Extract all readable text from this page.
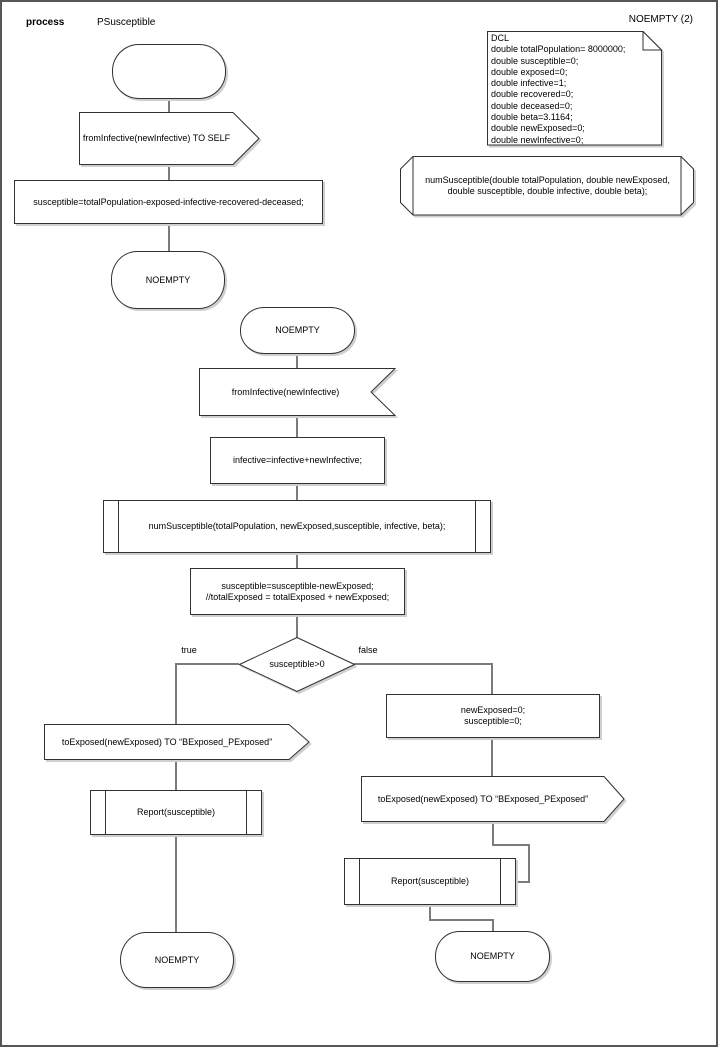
process	PSusceptible	NOEMPTY (2)
DCL
double totalPopulation= 8000000;
double susceptible=0;
double exposed=0;
double infective=1;
double recovered=0;
double deceased=0;
double beta=3.1164;
double newExposed=0;
double newInfective=0;
numSusceptible(double totalPopulation, double newExposed,
double susceptible, double infective, double beta);
fromInfective(newInfective) TO SELF
susceptible=totalPopulation-exposed-infective-recovered-deceased;
NOEMPTY
NOEMPTY
fromInfective(newInfective)
infective=infective+newInfective;
numSusceptible(totalPopulation, newExposed,susceptible, infective, beta);
susceptible=susceptible-newExposed;
//totalExposed = totalExposed + newExposed;
susceptible>0
true	false
newExposed=0;
susceptible=0;
toExposed(newExposed) TO “BExposed_PExposed”
Report(susceptible)
toExposed(newExposed) TO “BExposed_PExposed”
Report(susceptible)
NOEMPTY	NOEMPTY
